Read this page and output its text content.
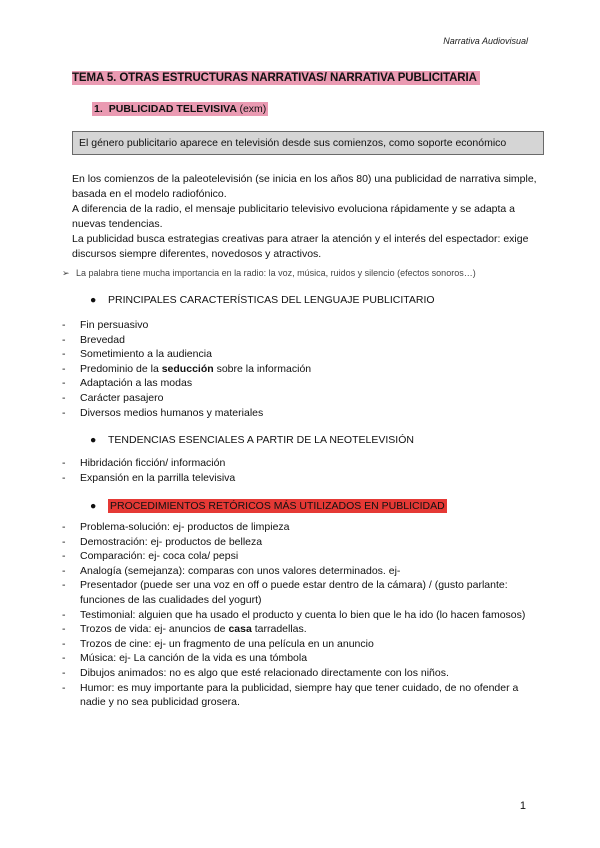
Narrativa Audiovisual
TEMA 5. OTRAS ESTRUCTURAS NARRATIVAS/ NARRATIVA PUBLICITARIA
1. PUBLICIDAD TELEVISIVA (exm)
El género publicitario aparece en televisión desde sus comienzos, como soporte económico

En los comienzos de la paleotelevisión (se inicia en los años 80) una publicidad de narrativa simple, basada en el modelo radiofónico.

A diferencia de la radio, el mensaje publicitario televisivo evoluciona rápidamente y se adapta a nuevas tendencias.

La publicidad busca estrategias creativas para atraer la atención y el interés del espectador: exige discursos siempre diferentes, novedosos y atractivos.

➢ La palabra tiene mucha importancia en la radio: la voz, música, ruidos y silencio (efectos sonoros…)
● PRINCIPALES CARACTERÍSTICAS DEL LENGUAJE PUBLICITARIO
- Fin persuasivo
- Brevedad
- Sometimiento a la audiencia
- Predominio de la seducción sobre la información
- Adaptación a las modas
- Carácter pasajero
- Diversos medios humanos y materiales
● TENDENCIAS ESENCIALES A PARTIR DE LA NEOTELEVISIÓN
- Hibridación ficción/ información
- Expansión en la parrilla televisiva
● PROCEDIMIENTOS RETÓRICOS MÁS UTILIZADOS EN PUBLICIDAD
- Problema-solución: ej- productos de limpieza
- Demostración: ej- productos de belleza
- Comparación: ej- coca cola/ pepsi
- Analogía (semejanza): comparas con unos valores determinados. ej-
- Presentador (puede ser una voz en off o puede estar dentro de la cámara) / (gusto parlante: funciones de las cualidades del yogurt)
- Testimonial: alguien que ha usado el producto y cuenta lo bien que le ha ido (lo hacen famosos)
- Trozos de vida: ej- anuncios de casa tarradellas.
- Trozos de cine: ej- un fragmento de una película en un anuncio
- Música: ej- La canción de la vida es una tómbola
- Dibujos animados: no es algo que esté relacionado directamente con los niños.
- Humor: es muy importante para la publicidad, siempre hay que tener cuidado, de no ofender a nadie y no sea publicidad grosera.
1
